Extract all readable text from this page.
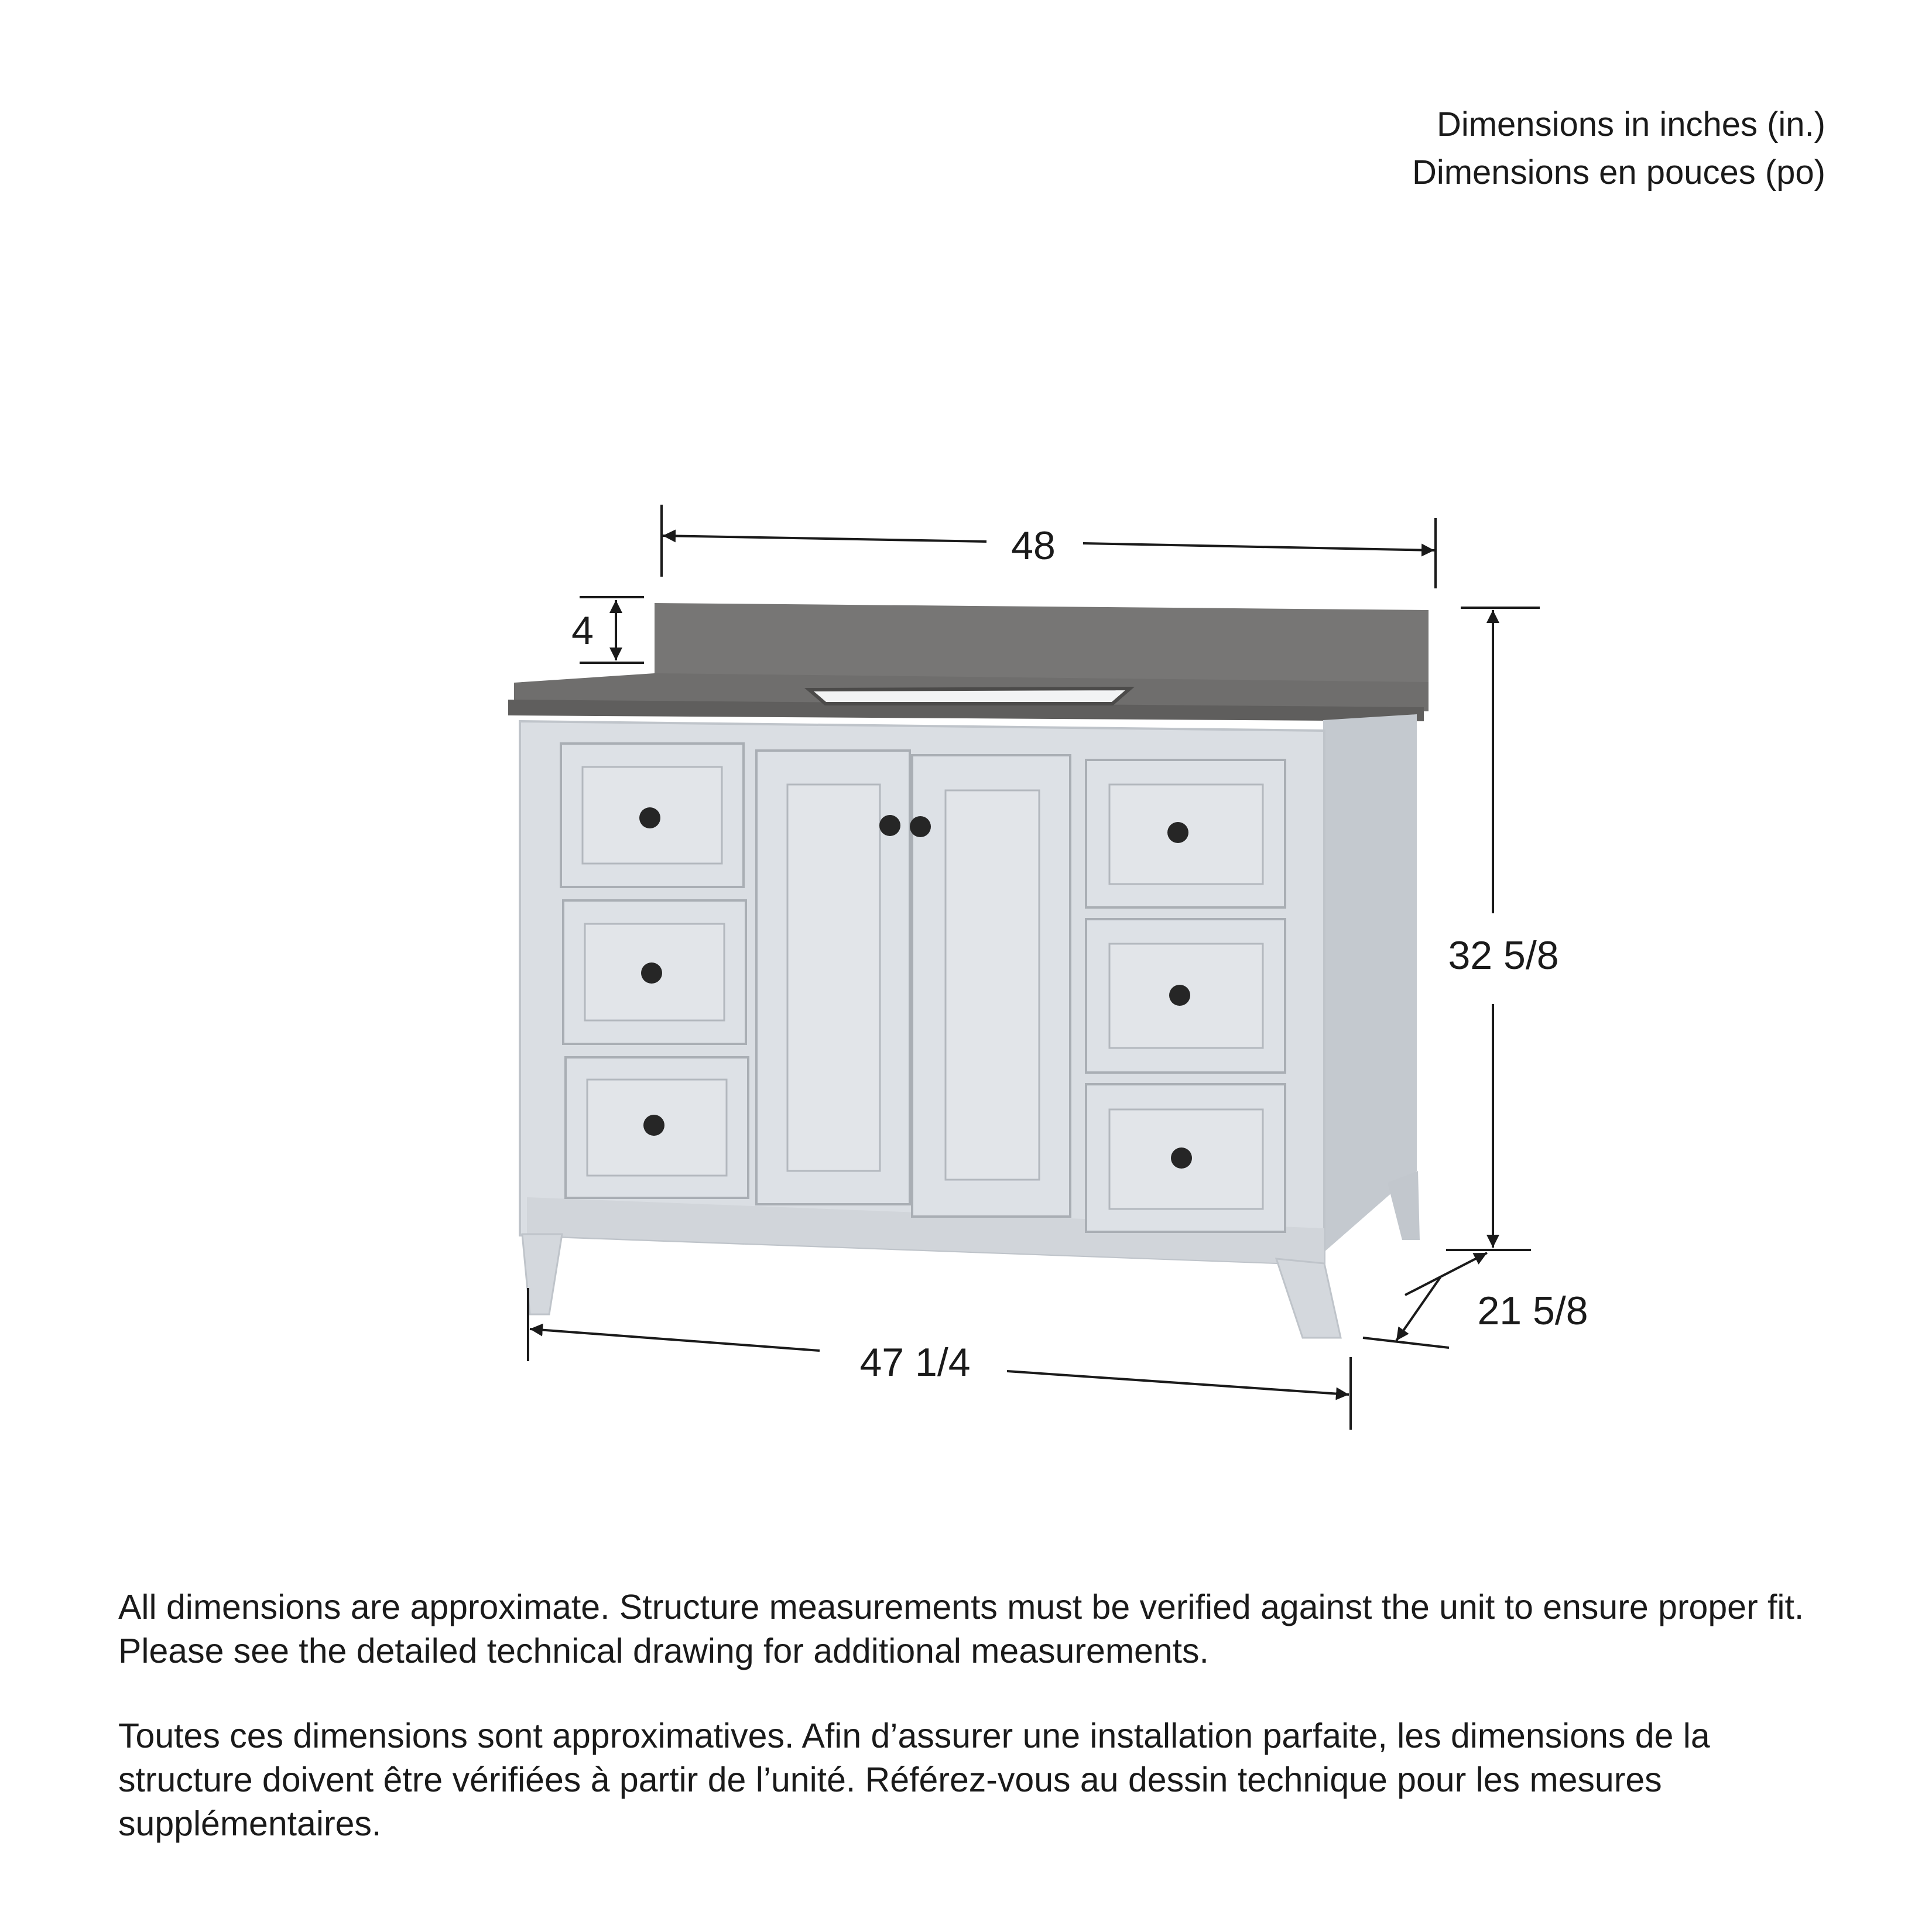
Dimensions in inches (in.)
Dimensions en pouces (po)
48
4
32 5/8
21 5/8
47 1/4

All dimensions are approximate. Structure measurements must be verified against the unit to ensure proper fit. Please see the detailed technical drawing for additional measurements.

Toutes ces dimensions sont approximatives. Afin d’assurer une installation parfaite, les dimensions de la structure doivent être vérifiées à partir de l’unité. Référez-vous au dessin technique pour les mesures supplémentaires.
